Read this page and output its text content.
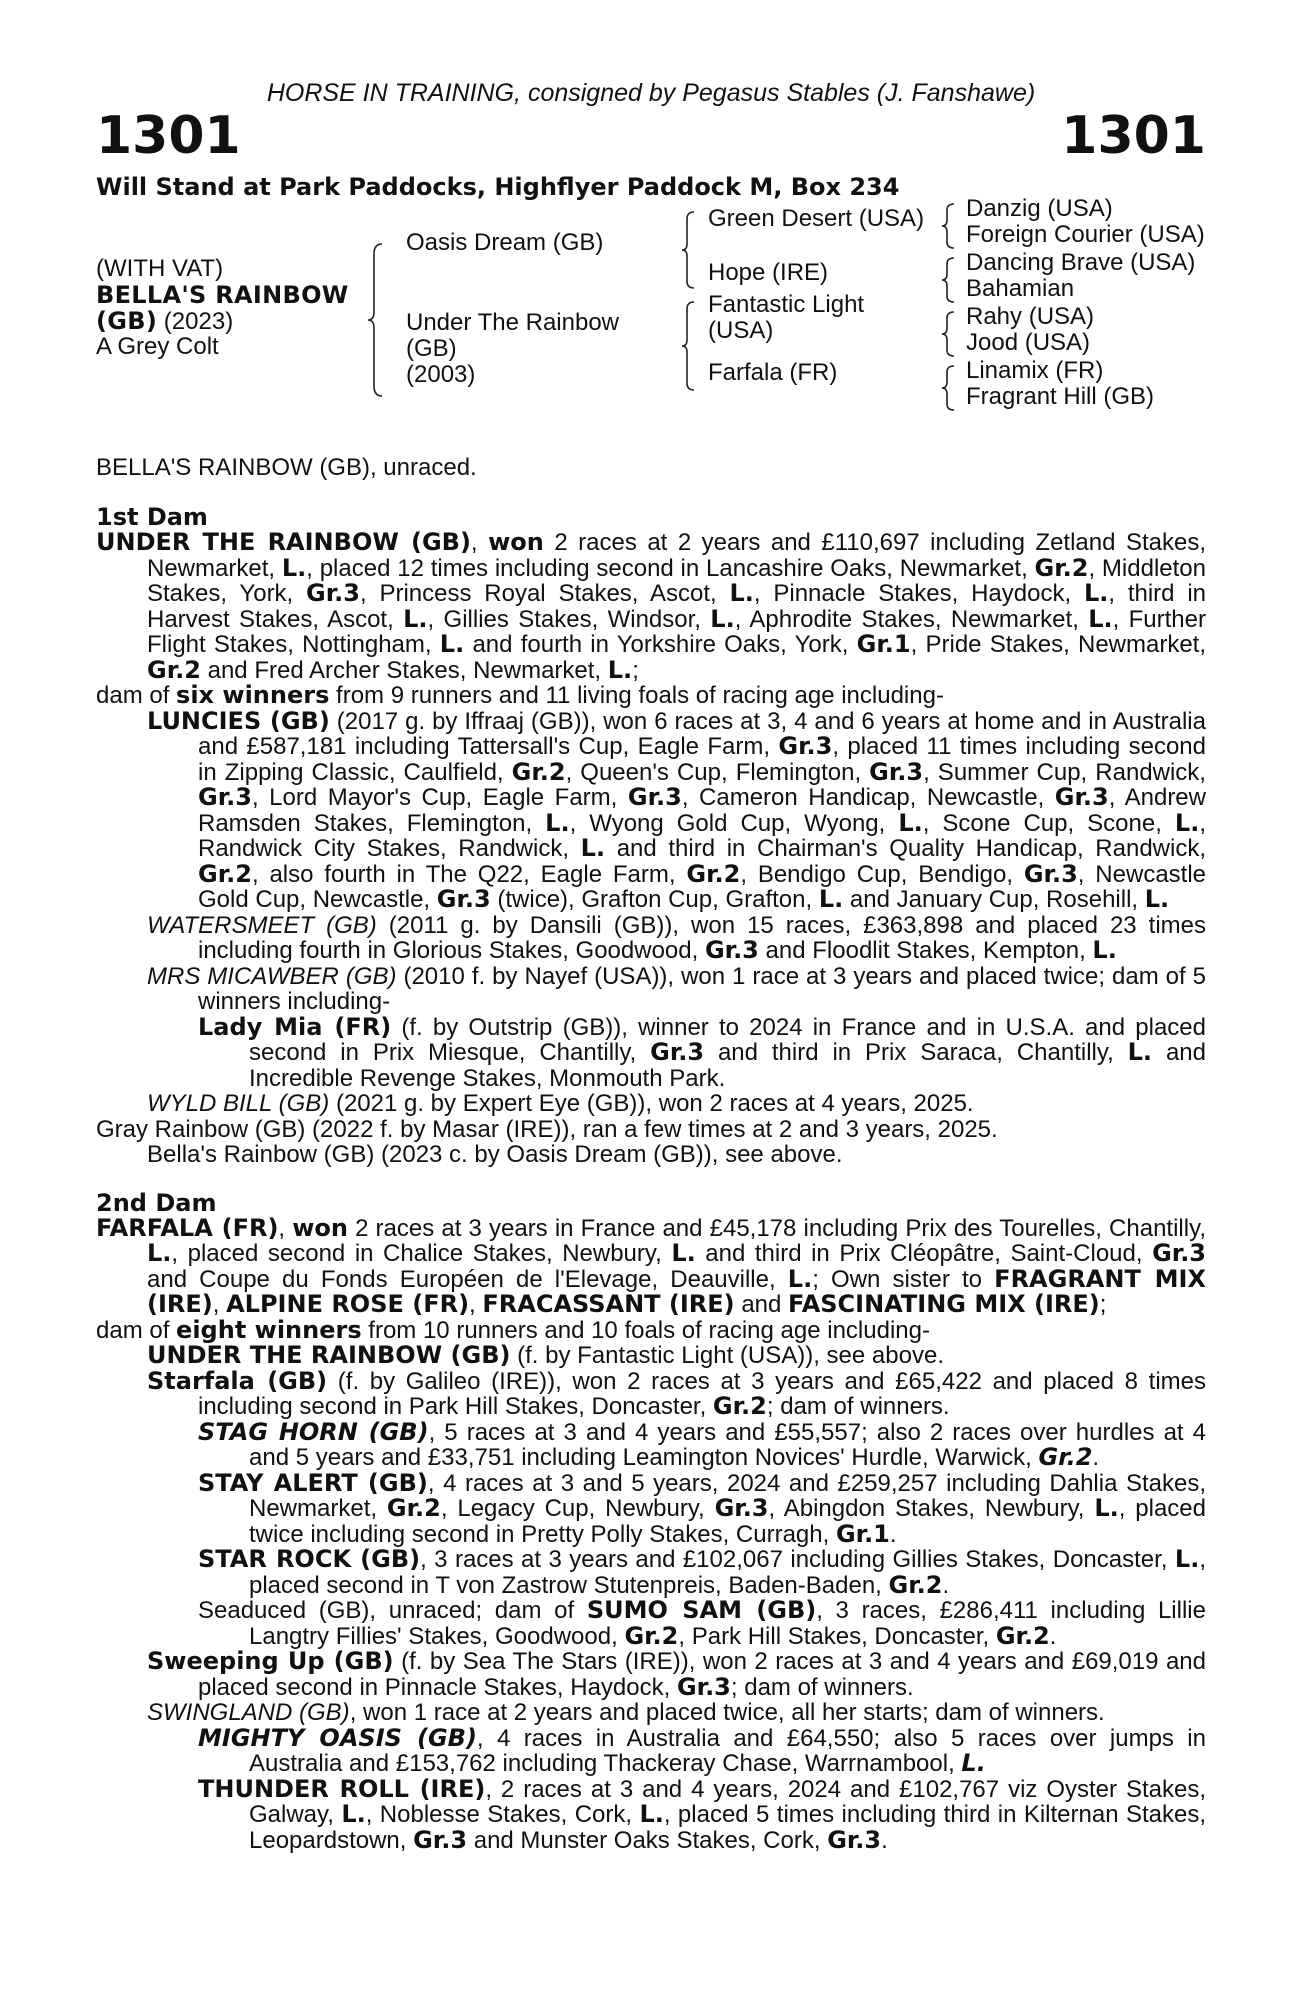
HORSE IN TRAINING, consigned by Pegasus Stables (J. Fanshawe)
1301	1301
Will Stand at Park Paddocks, Highflyer Paddock M, Box 234
(WITH VAT)
BELLA'S RAINBOW
(GB) (2023)
A Grey Colt
Oasis Dream (GB)
Under The Rainbow
(GB)
(2003)
Green Desert (USA)
Hope (IRE)
Fantastic Light
(USA)
Farfala (FR)
Danzig (USA)
Foreign Courier (USA)
Dancing Brave (USA)
Bahamian
Rahy (USA)
Jood (USA)
Linamix (FR)
Fragrant Hill (GB)
BELLA'S RAINBOW (GB), unraced.
1st Dam

UNDER THE RAINBOW (GB), won 2 races at 2 years and £110,697 including Zetland Stakes, Newmarket, L., placed 12 times including second in Lancashire Oaks, Newmarket, Gr.2, Middleton Stakes, York, Gr.3, Princess Royal Stakes, Ascot, L., Pinnacle Stakes, Haydock, L., third in Harvest Stakes, Ascot, L., Gillies Stakes, Windsor, L., Aphrodite Stakes, Newmarket, L., Further Flight Stakes, Nottingham, L. and fourth in Yorkshire Oaks, York, Gr.1, Pride Stakes, Newmarket, Gr.2 and Fred Archer Stakes, Newmarket, L.;

dam of six winners from 9 runners and 11 living foals of racing age including-

LUNCIES (GB) (2017 g. by Iffraaj (GB)), won 6 races at 3, 4 and 6 years at home and in Australia and £587,181 including Tattersall's Cup, Eagle Farm, Gr.3, placed 11 times including second in Zipping Classic, Caulfield, Gr.2, Queen's Cup, Flemington, Gr.3, Summer Cup, Randwick, Gr.3, Lord Mayor's Cup, Eagle Farm, Gr.3, Cameron Handicap, Newcastle, Gr.3, Andrew Ramsden Stakes, Flemington, L., Wyong Gold Cup, Wyong, L., Scone Cup, Scone, L., Randwick City Stakes, Randwick, L. and third in Chairman's Quality Handicap, Randwick, Gr.2, also fourth in The Q22, Eagle Farm, Gr.2, Bendigo Cup, Bendigo, Gr.3, Newcastle Gold Cup, Newcastle, Gr.3 (twice), Grafton Cup, Grafton, L. and January Cup, Rosehill, L.

WATERSMEET (GB) (2011 g. by Dansili (GB)), won 15 races, £363,898 and placed 23 times including fourth in Glorious Stakes, Goodwood, Gr.3 and Floodlit Stakes, Kempton, L.

MRS MICAWBER (GB) (2010 f. by Nayef (USA)), won 1 race at 3 years and placed twice; dam of 5 winners including-

Lady Mia (FR) (f. by Outstrip (GB)), winner to 2024 in France and in U.S.A. and placed second in Prix Miesque, Chantilly, Gr.3 and third in Prix Saraca, Chantilly, L. and Incredible Revenge Stakes, Monmouth Park.

WYLD BILL (GB) (2021 g. by Expert Eye (GB)), won 2 races at 4 years, 2025.

Gray Rainbow (GB) (2022 f. by Masar (IRE)), ran a few times at 2 and 3 years, 2025.

Bella's Rainbow (GB) (2023 c. by Oasis Dream (GB)), see above.

2nd Dam

FARFALA (FR), won 2 races at 3 years in France and £45,178 including Prix des Tourelles, Chantilly, L., placed second in Chalice Stakes, Newbury, L. and third in Prix Cléopâtre, Saint-Cloud, Gr.3 and Coupe du Fonds Européen de l'Elevage, Deauville, L.; Own sister to FRAGRANT MIX (IRE), ALPINE ROSE (FR), FRACASSANT (IRE) and FASCINATING MIX (IRE);

dam of eight winners from 10 runners and 10 foals of racing age including-

UNDER THE RAINBOW (GB) (f. by Fantastic Light (USA)), see above.

Starfala (GB) (f. by Galileo (IRE)), won 2 races at 3 years and £65,422 and placed 8 times including second in Park Hill Stakes, Doncaster, Gr.2; dam of winners.

STAG HORN (GB), 5 races at 3 and 4 years and £55,557; also 2 races over hurdles at 4 and 5 years and £33,751 including Leamington Novices' Hurdle, Warwick, Gr.2.

STAY ALERT (GB), 4 races at 3 and 5 years, 2024 and £259,257 including Dahlia Stakes, Newmarket, Gr.2, Legacy Cup, Newbury, Gr.3, Abingdon Stakes, Newbury, L., placed twice including second in Pretty Polly Stakes, Curragh, Gr.1.

STAR ROCK (GB), 3 races at 3 years and £102,067 including Gillies Stakes, Doncaster, L., placed second in T von Zastrow Stutenpreis, Baden-Baden, Gr.2.

Seaduced (GB), unraced; dam of SUMO SAM (GB), 3 races, £286,411 including Lillie Langtry Fillies' Stakes, Goodwood, Gr.2, Park Hill Stakes, Doncaster, Gr.2.

Sweeping Up (GB) (f. by Sea The Stars (IRE)), won 2 races at 3 and 4 years and £69,019 and placed second in Pinnacle Stakes, Haydock, Gr.3; dam of winners.

SWINGLAND (GB), won 1 race at 2 years and placed twice, all her starts; dam of winners.

MIGHTY OASIS (GB), 4 races in Australia and £64,550; also 5 races over jumps in Australia and £153,762 including Thackeray Chase, Warrnambool, L.

THUNDER ROLL (IRE), 2 races at 3 and 4 years, 2024 and £102,767 viz Oyster Stakes, Galway, L., Noblesse Stakes, Cork, L., placed 5 times including third in Kilternan Stakes, Leopardstown, Gr.3 and Munster Oaks Stakes, Cork, Gr.3.
